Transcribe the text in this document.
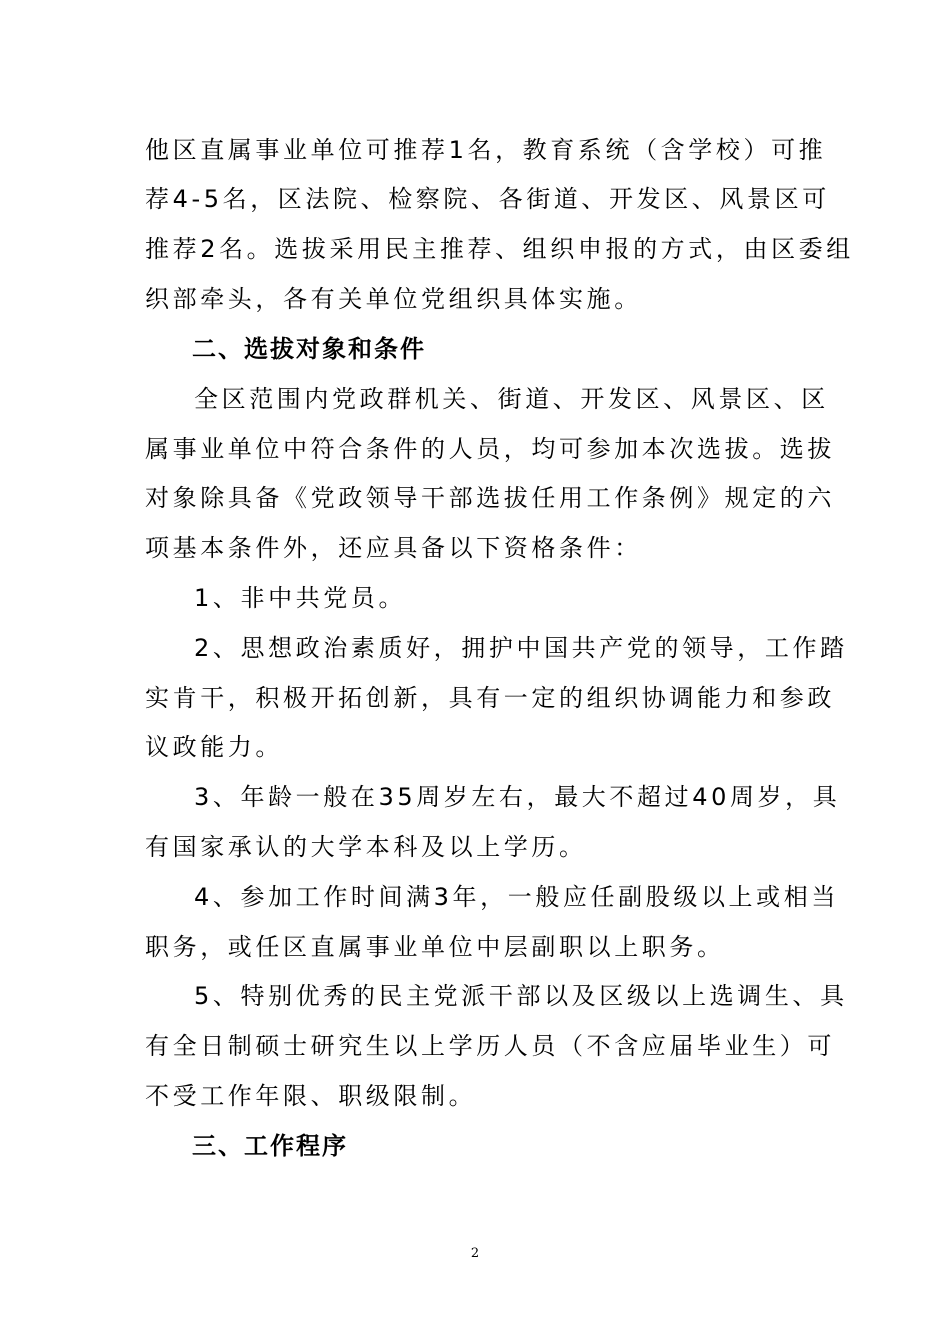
他区直属事业单位可推荐1名，教育系统（含学校）可推
荐4-5名，区法院、检察院、各街道、开发区、风景区可
推荐2名。选拔采用民主推荐、组织申报的方式，由区委组
织部牵头，各有关单位党组织具体实施。
二、选拔对象和条件
全区范围内党政群机关、街道、开发区、风景区、区
属事业单位中符合条件的人员，均可参加本次选拔。选拔
对象除具备《党政领导干部选拔任用工作条例》规定的六
项基本条件外，还应具备以下资格条件：
1、非中共党员。
2、思想政治素质好，拥护中国共产党的领导，工作踏
实肯干，积极开拓创新，具有一定的组织协调能力和参政
议政能力。
3、年龄一般在35周岁左右，最大不超过40周岁，具
有国家承认的大学本科及以上学历。
4、参加工作时间满3年，一般应任副股级以上或相当
职务，或任区直属事业单位中层副职以上职务。
5、特别优秀的民主党派干部以及区级以上选调生、具
有全日制硕士研究生以上学历人员（不含应届毕业生）可
不受工作年限、职级限制。
三、工作程序
2
